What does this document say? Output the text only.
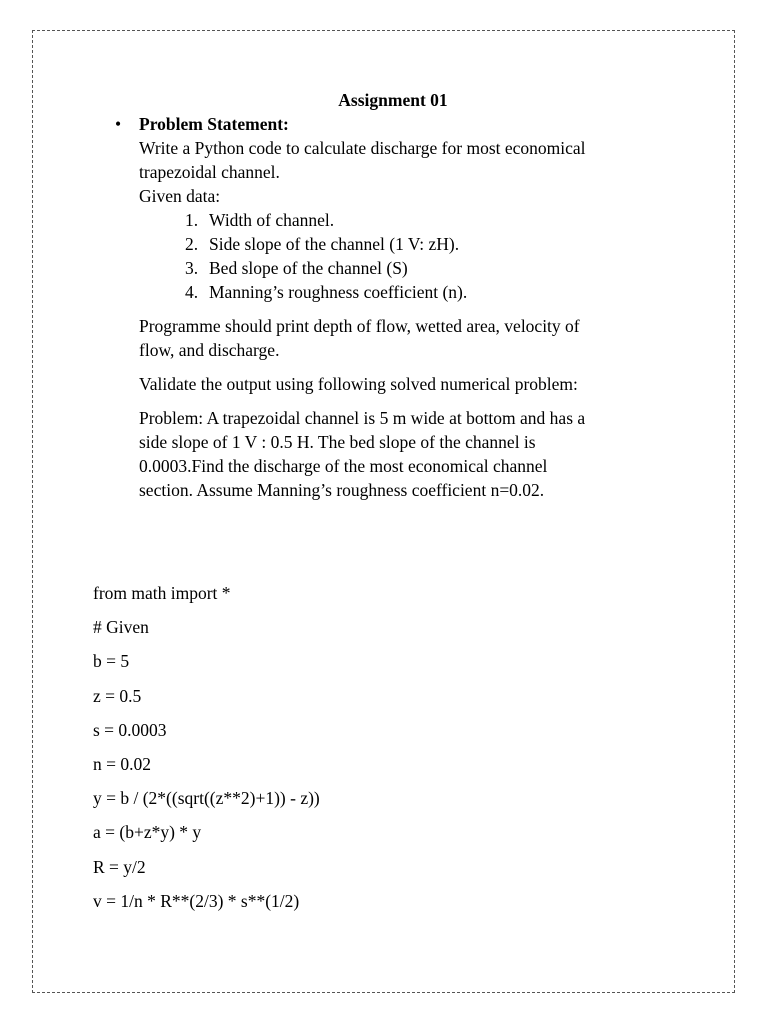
Assignment 01
• Problem Statement:
Write a Python code to calculate discharge for most economical
trapezoidal channel.
Given data:
1. Width of channel.
2. Side slope of the channel (1 V: zH).
3. Bed slope of the channel (S)
4. Manning’s roughness coefficient (n).
Programme should print depth of flow, wetted area, velocity of
flow, and discharge.
Validate the output using following solved numerical problem:
Problem: A trapezoidal channel is 5 m wide at bottom and has a
side slope of 1 V : 0.5 H. The bed slope of the channel is
0.0003.Find the discharge of the most economical channel
section. Assume Manning’s roughness coefficient n=0.02.
from math import *
# Given
b = 5
z = 0.5
s = 0.0003
n = 0.02
y = b / (2*((sqrt((z**2)+1)) - z))
a = (b+z*y) * y
R = y/2
v = 1/n * R**(2/3) * s**(1/2)
